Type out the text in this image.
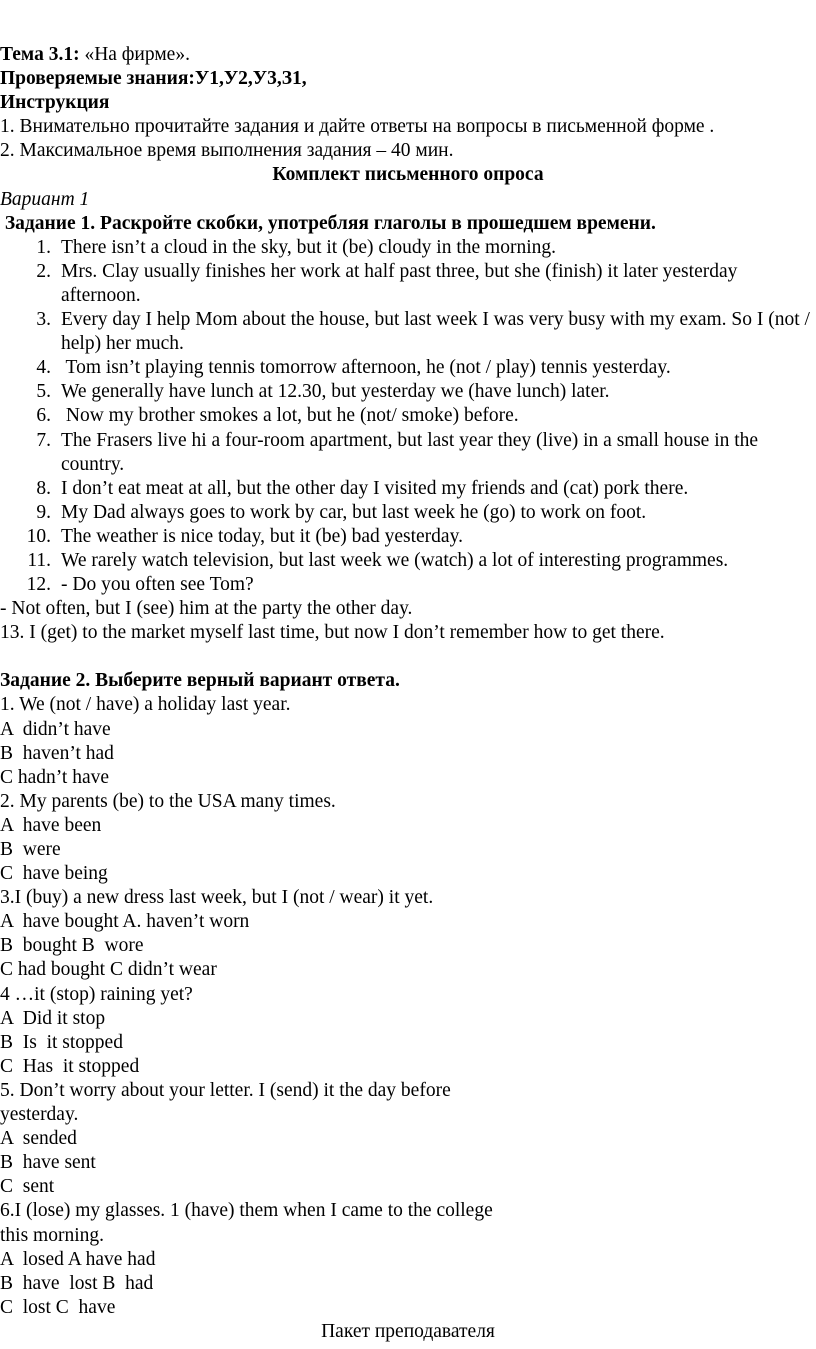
Тема 3.1: «На фирме».
Проверяемые знания:У1,У2,У3,З1,
Инструкция
1. Внимательно прочитайте задания и дайте ответы на вопросы в письменной форме .
2. Максимальное время выполнения задания – 40 мин.
Комплект письменного опроса
Вариант 1
Задание 1. Раскройте скобки, употребляя глаголы в прошедшем времени.
1. There isn’t a cloud in the sky, but it (be) cloudy in the morning.
2. Mrs. Clay usually finishes her work at half past three, but she (finish) it later yesterday afternoon.
3. Every day I help Mom about the house, but last week I was very busy with my exam. So I (not / help) her much.
4. Tom isn’t playing tennis tomorrow afternoon, he (not / play) tennis yesterday.
5. We generally have lunch at 12.30, but yesterday we (have lunch) later.
6. Now my brother smokes a lot, but he (not/ smoke) before.
7. The Frasers live hi a four-room apartment, but last year they (live) in a small house in the country.
8. I don’t eat meat at all, but the other day I visited my friends and (cat) pork there.
9. My Dad always goes to work by car, but last week he (go) to work on foot.
10. The weather is nice today, but it (be) bad yesterday.
11. We rarely watch television, but last week we (watch) a lot of interesting programmes.
12. - Do you often see Tom?
- Not often, but I (see) him at the party the other day.
13. I (get) to the market myself last time, but now I don’t remember how to get there.
Задание 2. Выберите верный вариант ответа.
1. We (not / have) a holiday last year.
A  didn’t have
B  haven’t had
C hadn’t have
2. My parents (be) to the USA many times.
A  have been
B  were
C  have being
3.I (buy) a new dress last week, but I (not / wear) it yet.
A  have bought A. haven’t worn
B  bought B  wore
C had bought C didn’t wear
4 …it (stop) raining yet?
A  Did it stop
B  Is  it stopped
C  Has  it stopped
5. Don’t worry about your letter. I (send) it the day before
yesterday.
A  sended
B  have sent
C  sent
6.I (lose) my glasses. 1 (have) them when I came to the college
this morning.
A  losed A have had
B  have  lost B  had
C  lost C  have
Пакет преподавателя
